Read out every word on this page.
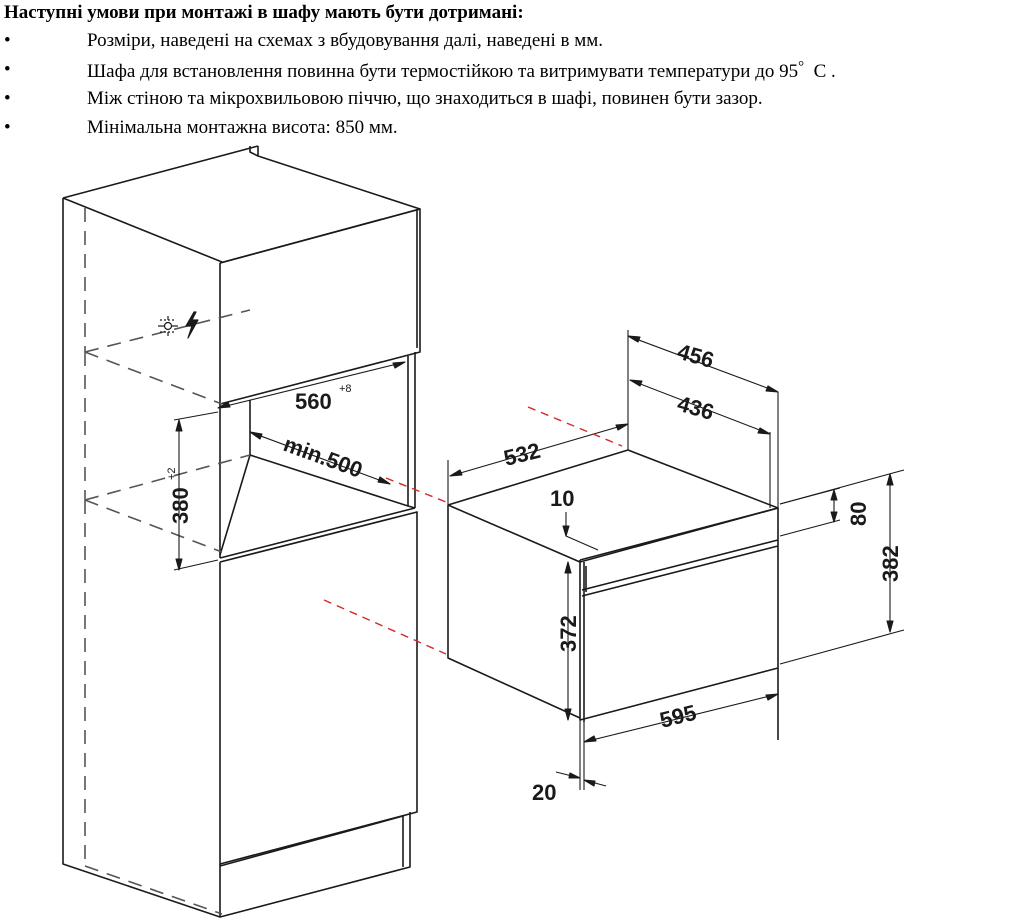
Наступні умови при монтажі в шафу мають бути дотримані:
•	Розміри, наведені на схемах з вбудовування далі, наведені в мм.
•	Шафа для встановлення повинна бути термостійкою та витримувати температури до 95° С .
•	Між стіною та мікрохвильовою піччю, що знаходиться в шафі, повинен бути зазор.
•	Мінімальна монтажна висота: 850 мм.
560 +8
380
+2	min.500
456
436
532
10
80
382
372
595
20
